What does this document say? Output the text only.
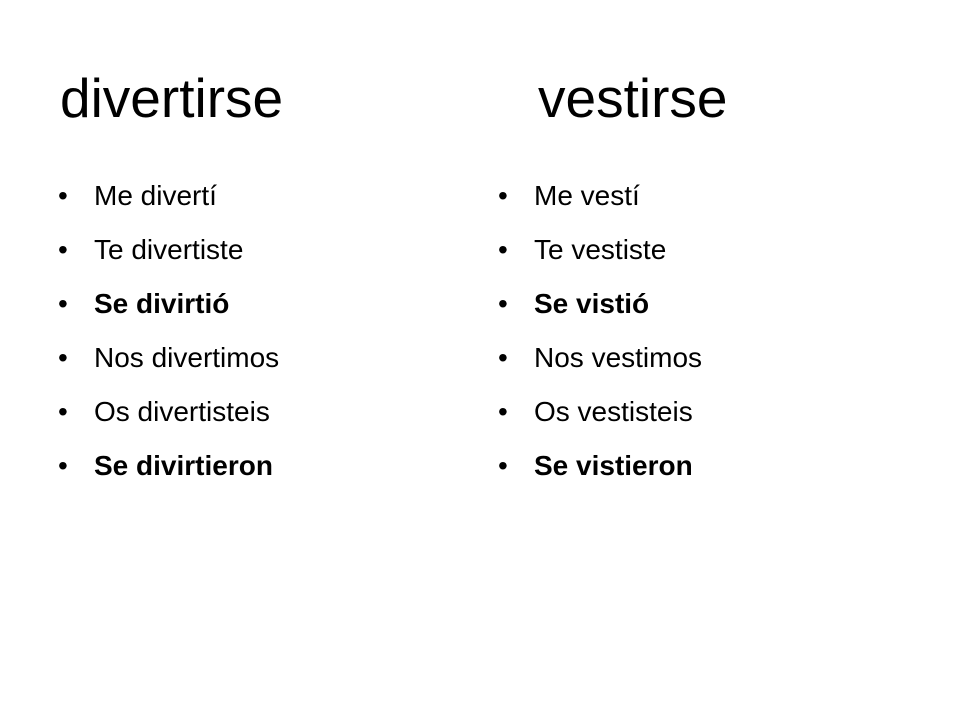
divertirse	vestirse
• Me divertí
• Te divertiste
• Se divirtió
• Nos divertimos
• Os divertisteis
• Se divirtieron
• Me vestí
• Te vestiste
• Se vistió
• Nos vestimos
• Os vestisteis
• Se vistieron
